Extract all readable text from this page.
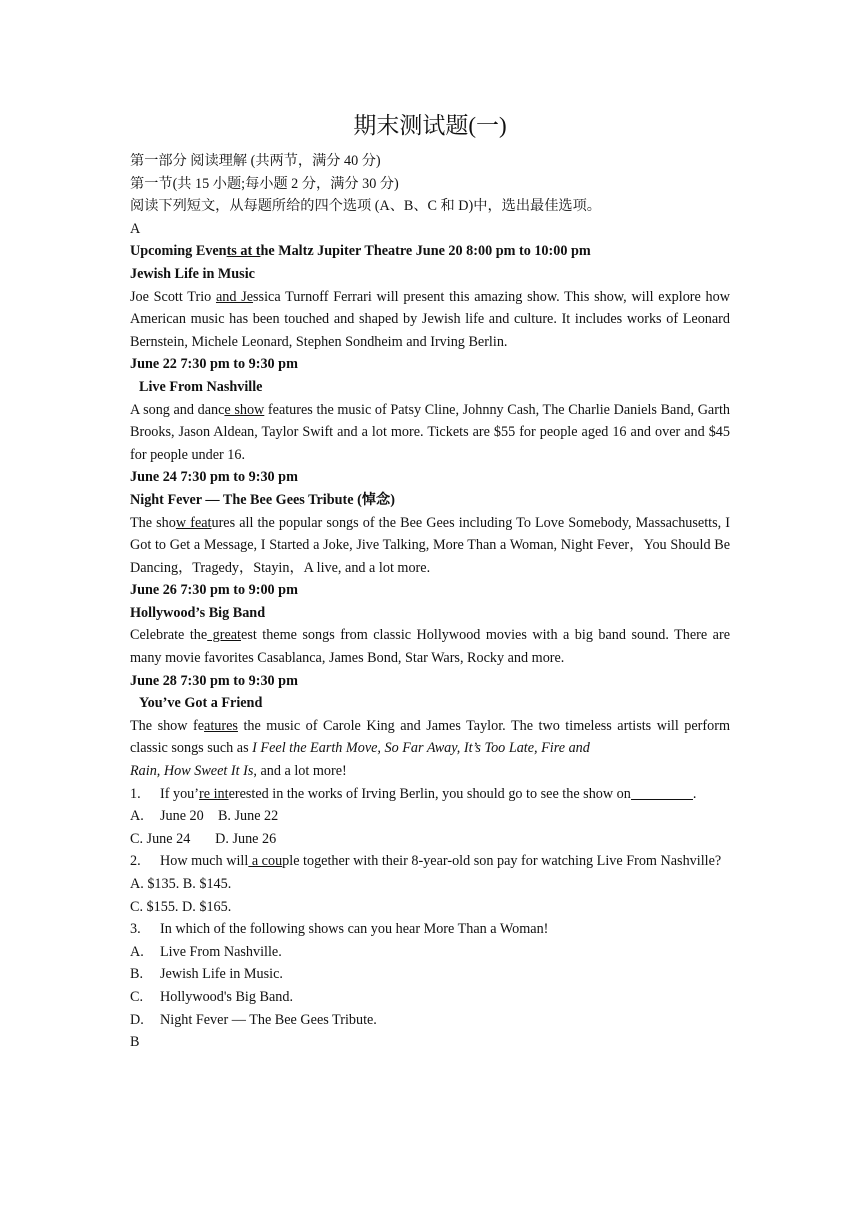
期末测试题(一)

第一部分 阅读理解 (共两节，满分 40 分)

第一节(共 15 小题;每小题 2 分，满分 30 分)

阅读下列短文，从每题所给的四个选项 (A、B、C 和 D)中，选出最佳选项。

A

Upcoming Events at the Maltz Jupiter Theatre June 20 8:00 pm to 10:00 pm

Jewish Life in Music

Joe Scott Trio and Jessica Turnoff Ferrari will present this amazing show. This show, will explore how American music has been touched and shaped by Jewish life and culture. It includes works of Leonard Bernstein, Michele Leonard, Stephen Sondheim and Irving Berlin.

June 22 7:30 pm to 9:30 pm

Live From Nashville

A song and dance show features the music of Patsy Cline, Johnny Cash, The Charlie Daniels Band, Garth Brooks, Jason Aldean, Taylor Swift and a lot more. Tickets are $55 for people aged 16 and over and $45 for people under 16.

June 24 7:30 pm to 9:30 pm

Night Fever — The Bee Gees Tribute (悼念)

The show features all the popular songs of the Bee Gees including To Love Somebody, Massachusetts, I Got to Get a Message, I Started a Joke, Jive Talking, More Than a Woman, Night Fever，You Should Be Dancing，Tragedy，Stayin，A live, and a lot more.

June 26 7:30 pm to 9:00 pm

Hollywood’s Big Band

Celebrate the greatest theme songs from classic Hollywood movies with a big band sound. There are many movie favorites Casablanca, James Bond, Star Wars, Rocky and more.

June 28 7:30 pm to 9:30 pm

You’ve Got a Friend

The show features the music of Carole King and James Taylor. The two timeless artists will perform classic songs such as I Feel the Earth Move, So Far Away, It’s Too Late, Fire and

Rain, How Sweet It Is, and a lot more!

1. If you’re interested in the works of Irving Berlin, you should go to see the show on	.

A. June 20 B. June 22

C. June 24 D. June 26

2. How much will a couple together with their 8-year-old son pay for watching Live From Nashville?

A. $135. B. $145.

C. $155. D. $165.

3. In which of the following shows can you hear More Than a Woman!

A. Live From Nashville.

B. Jewish Life in Music.

C. Hollywood's Big Band.

D. Night Fever — The Bee Gees Tribute.

B
